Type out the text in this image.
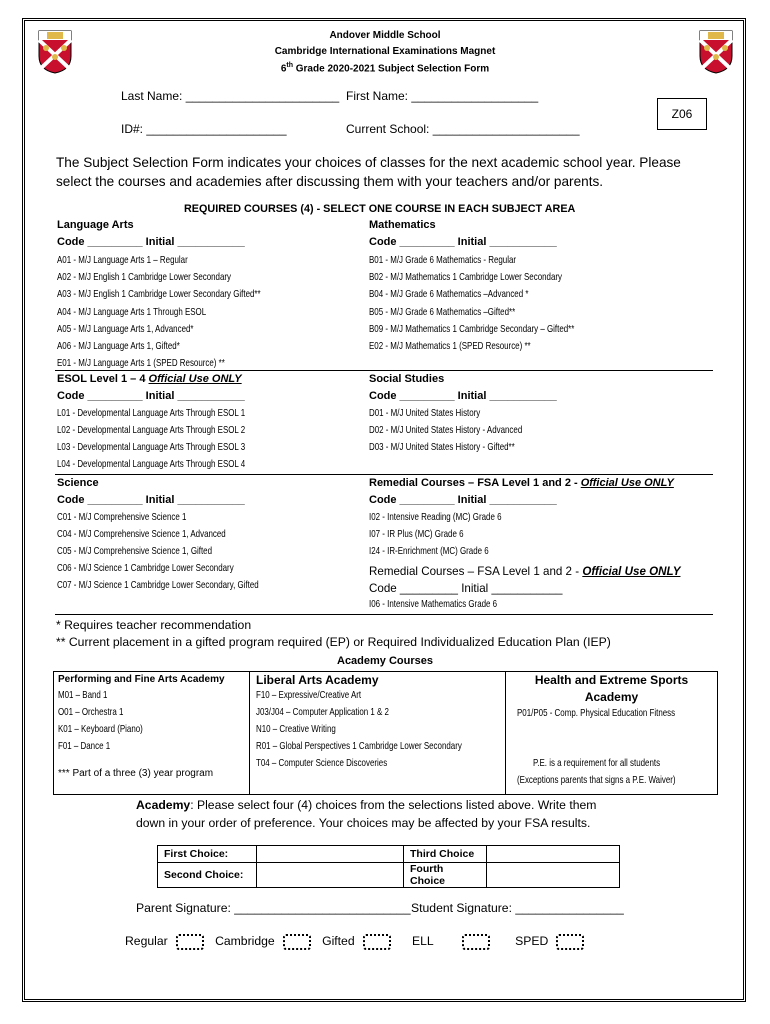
Andover Middle School
Cambridge International Examinations Magnet
6th Grade 2020-2021 Subject Selection Form
Last Name: _______________________ First Name: ___________________
ID#: _____________________	Current School: ______________________
Z06
The Subject Selection Form indicates your choices of classes for the next academic school year. Please
select the courses and academies after discussing them with your teachers and/or parents.
REQUIRED COURSES (4) - SELECT ONE COURSE IN EACH SUBJECT AREA
Language Arts
Code _________ Initial ___________
A01 - M/J Language Arts 1 – Regular
A02 - M/J English 1 Cambridge Lower Secondary
A03 - M/J English 1 Cambridge Lower Secondary Gifted**
A04 - M/J Language Arts 1 Through ESOL
A05 - M/J Language Arts 1, Advanced*
A06 - M/J Language Arts 1, Gifted*
E01 - M/J Language Arts 1 (SPED Resource) **
Mathematics
Code _________ Initial ___________
B01 - M/J Grade 6 Mathematics - Regular
B02 - M/J Mathematics 1 Cambridge Lower Secondary
B04 - M/J Grade 6 Mathematics –Advanced *
B05 - M/J Grade 6 Mathematics –Gifted**
B09 - M/J Mathematics 1 Cambridge Secondary – Gifted**
E02 - M/J Mathematics 1 (SPED Resource) **
ESOL Level 1 – 4 Official Use ONLY
Code _________ Initial ___________
L01 - Developmental Language Arts Through ESOL 1
L02 - Developmental Language Arts Through ESOL 2
L03 - Developmental Language Arts Through ESOL 3
L04 - Developmental Language Arts Through ESOL 4
Social Studies
Code _________ Initial ___________
D01 - M/J United States History
D02 - M/J United States History - Advanced
D03 - M/J United States History - Gifted**
Science
Code _________ Initial ___________
C01 - M/J Comprehensive Science 1
C04 - M/J Comprehensive Science 1, Advanced
C05 - M/J Comprehensive Science 1, Gifted
C06 - M/J Science 1 Cambridge Lower Secondary
C07 - M/J Science 1 Cambridge Lower Secondary, Gifted
Remedial Courses – FSA Level 1 and 2 - Official Use ONLY
Code _________ Initial ___________
I02 - Intensive Reading (MC) Grade 6
I07 - IR Plus (MC) Grade 6
I24 - IR-Enrichment (MC) Grade 6
Remedial Courses – FSA Level 1 and 2 - Official Use ONLY
Code _________ Initial ___________
I06 - Intensive Mathematics Grade 6
* Requires teacher recommendation
** Current placement in a gifted program required (EP) or Required Individualized Education Plan (IEP)
Academy Courses
Performing and Fine Arts Academy
M01 – Band 1
O01 – Orchestra 1
K01 – Keyboard (Piano)
F01 – Dance 1
*** Part of a three (3) year program
Liberal Arts Academy
F10 – Expressive/Creative Art
J03/J04 – Computer Application 1 & 2
N10 – Creative Writing
R01 – Global Perspectives 1 Cambridge Lower Secondary
T04 – Computer Science Discoveries
Health and Extreme Sports
Academy
P01/P05 - Comp. Physical Education Fitness
P.E. is a requirement for all students
(Exceptions parents that signs a P.E. Waiver)
Academy: Please select four (4) choices from the selections listed above. Write them
down in your order of preference. Your choices may be affected by your FSA results.
First Choice:		Third Choice	
Second Choice:		Fourth Choice	
Parent Signature: __________________________ Student Signature: ________________
Regular	Cambridge	Gifted	ELL	SPED
